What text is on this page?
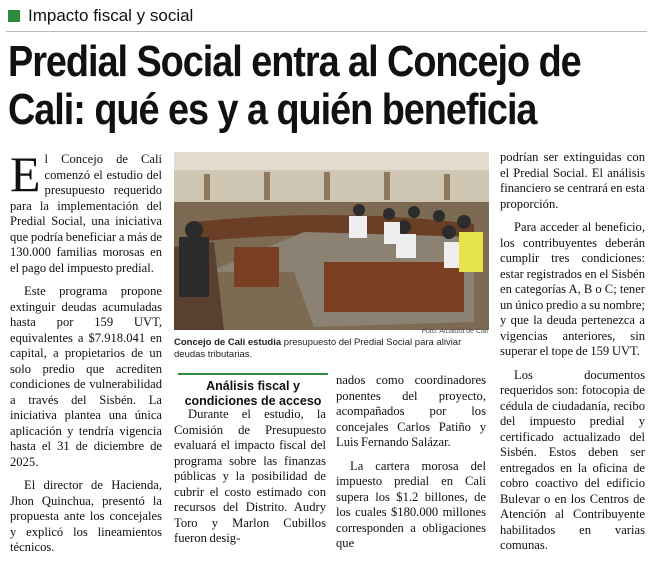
Impacto fiscal y social
Predial Social entra al Concejo de Cali: qué es y a quién beneficia

El Concejo de Cali comenzó el estudio del presupuesto requerido para la implementación del Predial Social, una iniciativa que podría beneficiar a más de 130.000 familias morosas en el pago del impuesto predial.

Este programa propone extinguir deudas acumuladas hasta por 159 UVT, equivalentes a $7.918.041 en capital, a propietarios de un solo predio que acrediten condiciones de vulnerabilidad a través del Sisbén. La iniciativa plantea una única aplicación y tendría vigencia hasta el 31 de diciembre de 2025.

El director de Hacienda, Jhon Quinchua, presentó la propuesta ante los concejales y explicó los lineamientos técnicos.

Foto: Alcaldía de Cali
Concejo de Cali estudia presupuesto del Predial Social para aliviar deudas tributarias.
Análisis fiscal y condiciones de acceso

Durante el estudio, la Comisión de Presupuesto evaluará el impacto fiscal del programa sobre las finanzas públicas y la posibilidad de cubrir el costo estimado con recursos del Distrito. Audry Toro y Marlon Cubillos fueron desig-

nados como coordinadores ponentes del proyecto, acompañados por los concejales Carlos Patiño y Luis Fernando Salázar.

La cartera morosa del impuesto predial en Cali supera los $1.2 billones, de los cuales $180.000 millones corresponden a obligaciones que

podrían ser extinguidas con el Predial Social. El análisis financiero se centrará en esta proporción.

Para acceder al beneficio, los contribuyentes deberán cumplir tres condiciones: estar registrados en el Sisbén en categorías A, B o C; tener un único predio a su nombre; y que la deuda pertenezca a vigencias anteriores, sin superar el tope de 159 UVT.

Los documentos requeridos son: fotocopia de cédula de ciudadanía, recibo del impuesto predial y certificado actualizado del Sisbén. Estos deben ser entregados en la oficina de cobro coactivo del edificio Bulevar o en los Centros de Atención al Contribuyente habilitados en varias comunas.
